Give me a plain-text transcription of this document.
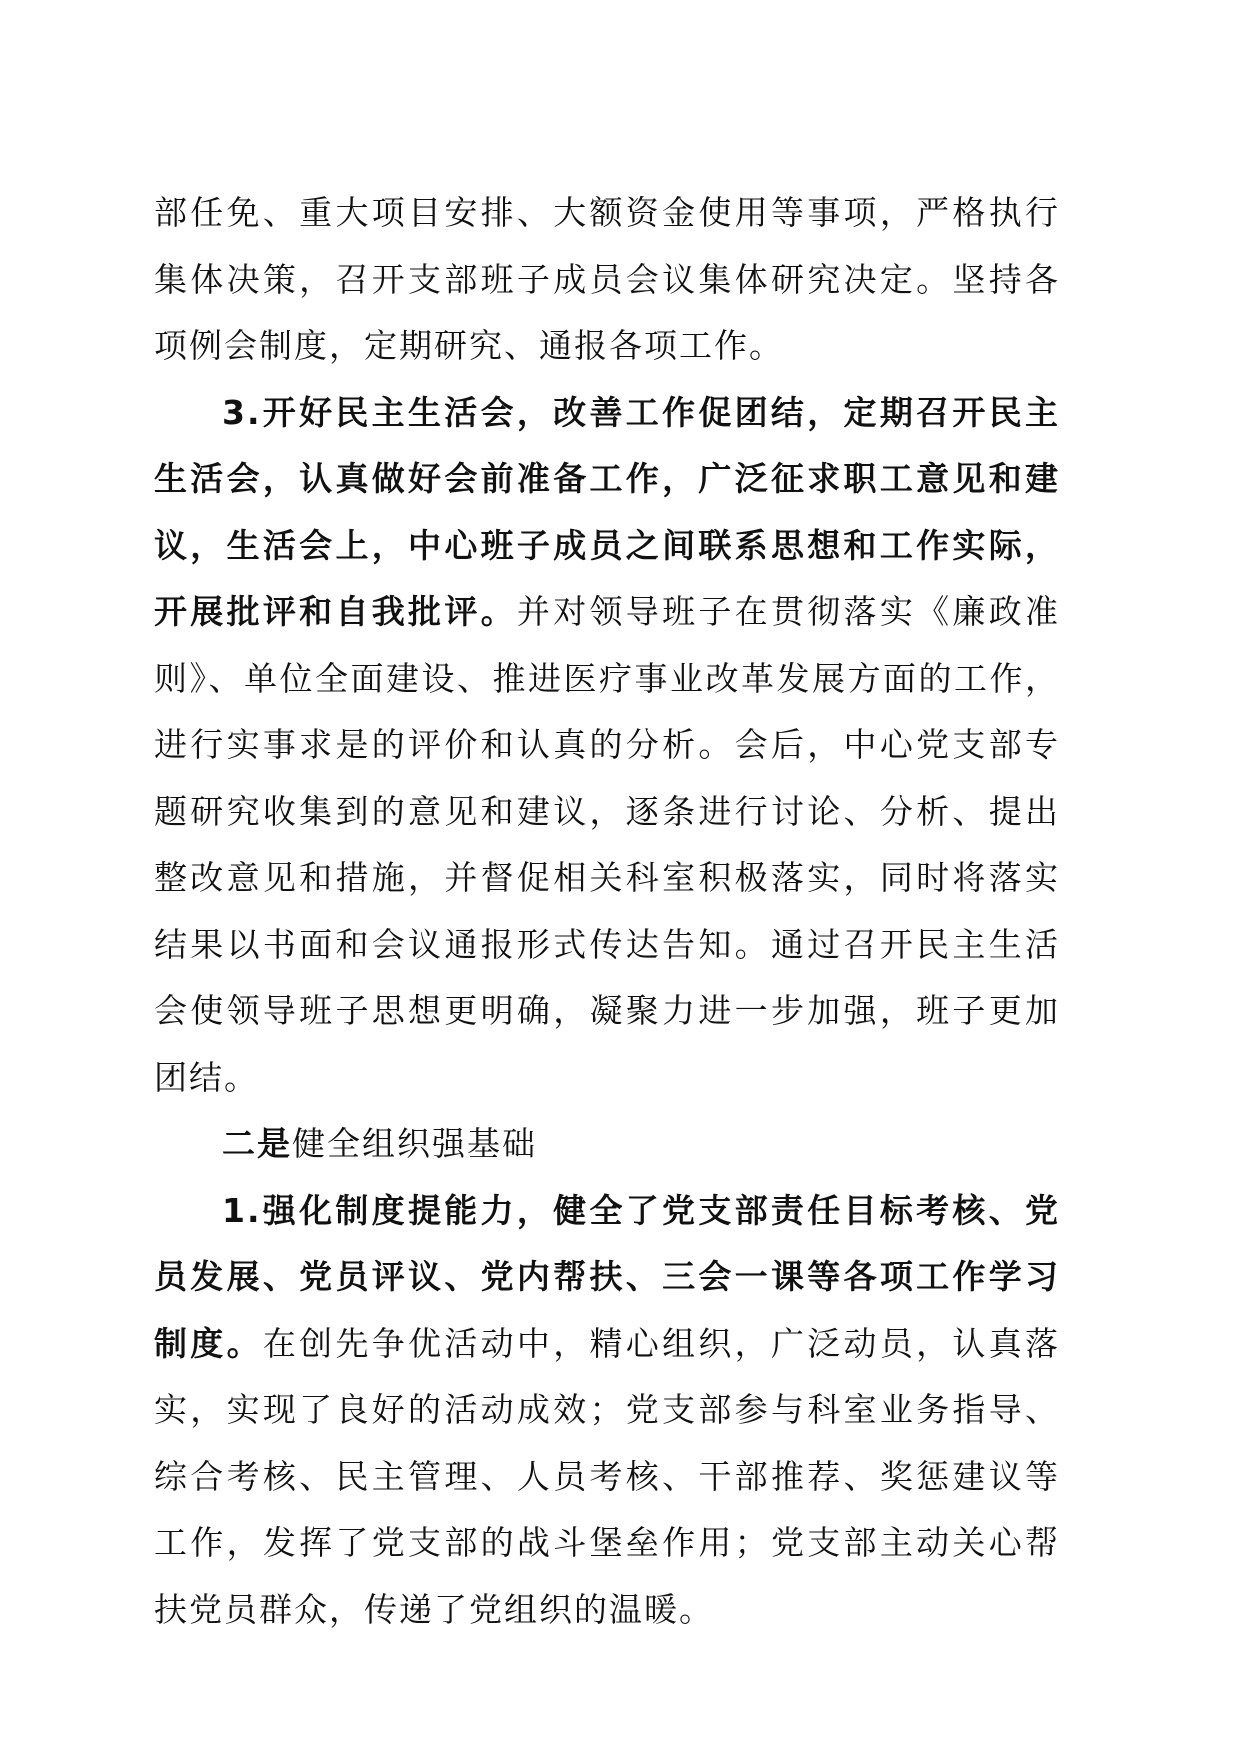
部任免、重大项目安排、大额资金使用等事项，严格执行集体决策，召开支部班子成员会议集体研究决定。坚持各项例会制度，定期研究、通报各项工作。

3.开好民主生活会，改善工作促团结，定期召开民主生活会，认真做好会前准备工作，广泛征求职工意见和建议，生活会上，中心班子成员之间联系思想和工作实际，开展批评和自我批评。并对领导班子在贯彻落实《廉政准则》、单位全面建设、推进医疗事业改革发展方面的工作，进行实事求是的评价和认真的分析。会后，中心党支部专题研究收集到的意见和建议，逐条进行讨论、分析、提出整改意见和措施，并督促相关科室积极落实，同时将落实结果以书面和会议通报形式传达告知。通过召开民主生活会使领导班子思想更明确，凝聚力进一步加强，班子更加团结。

二是健全组织强基础

1.强化制度提能力，健全了党支部责任目标考核、党员发展、党员评议、党内帮扶、三会一课等各项工作学习制度。在创先争优活动中，精心组织，广泛动员，认真落实，实现了良好的活动成效；党支部参与科室业务指导、综合考核、民主管理、人员考核、干部推荐、奖惩建议等工作，发挥了党支部的战斗堡垒作用；党支部主动关心帮扶党员群众，传递了党组织的温暖。
